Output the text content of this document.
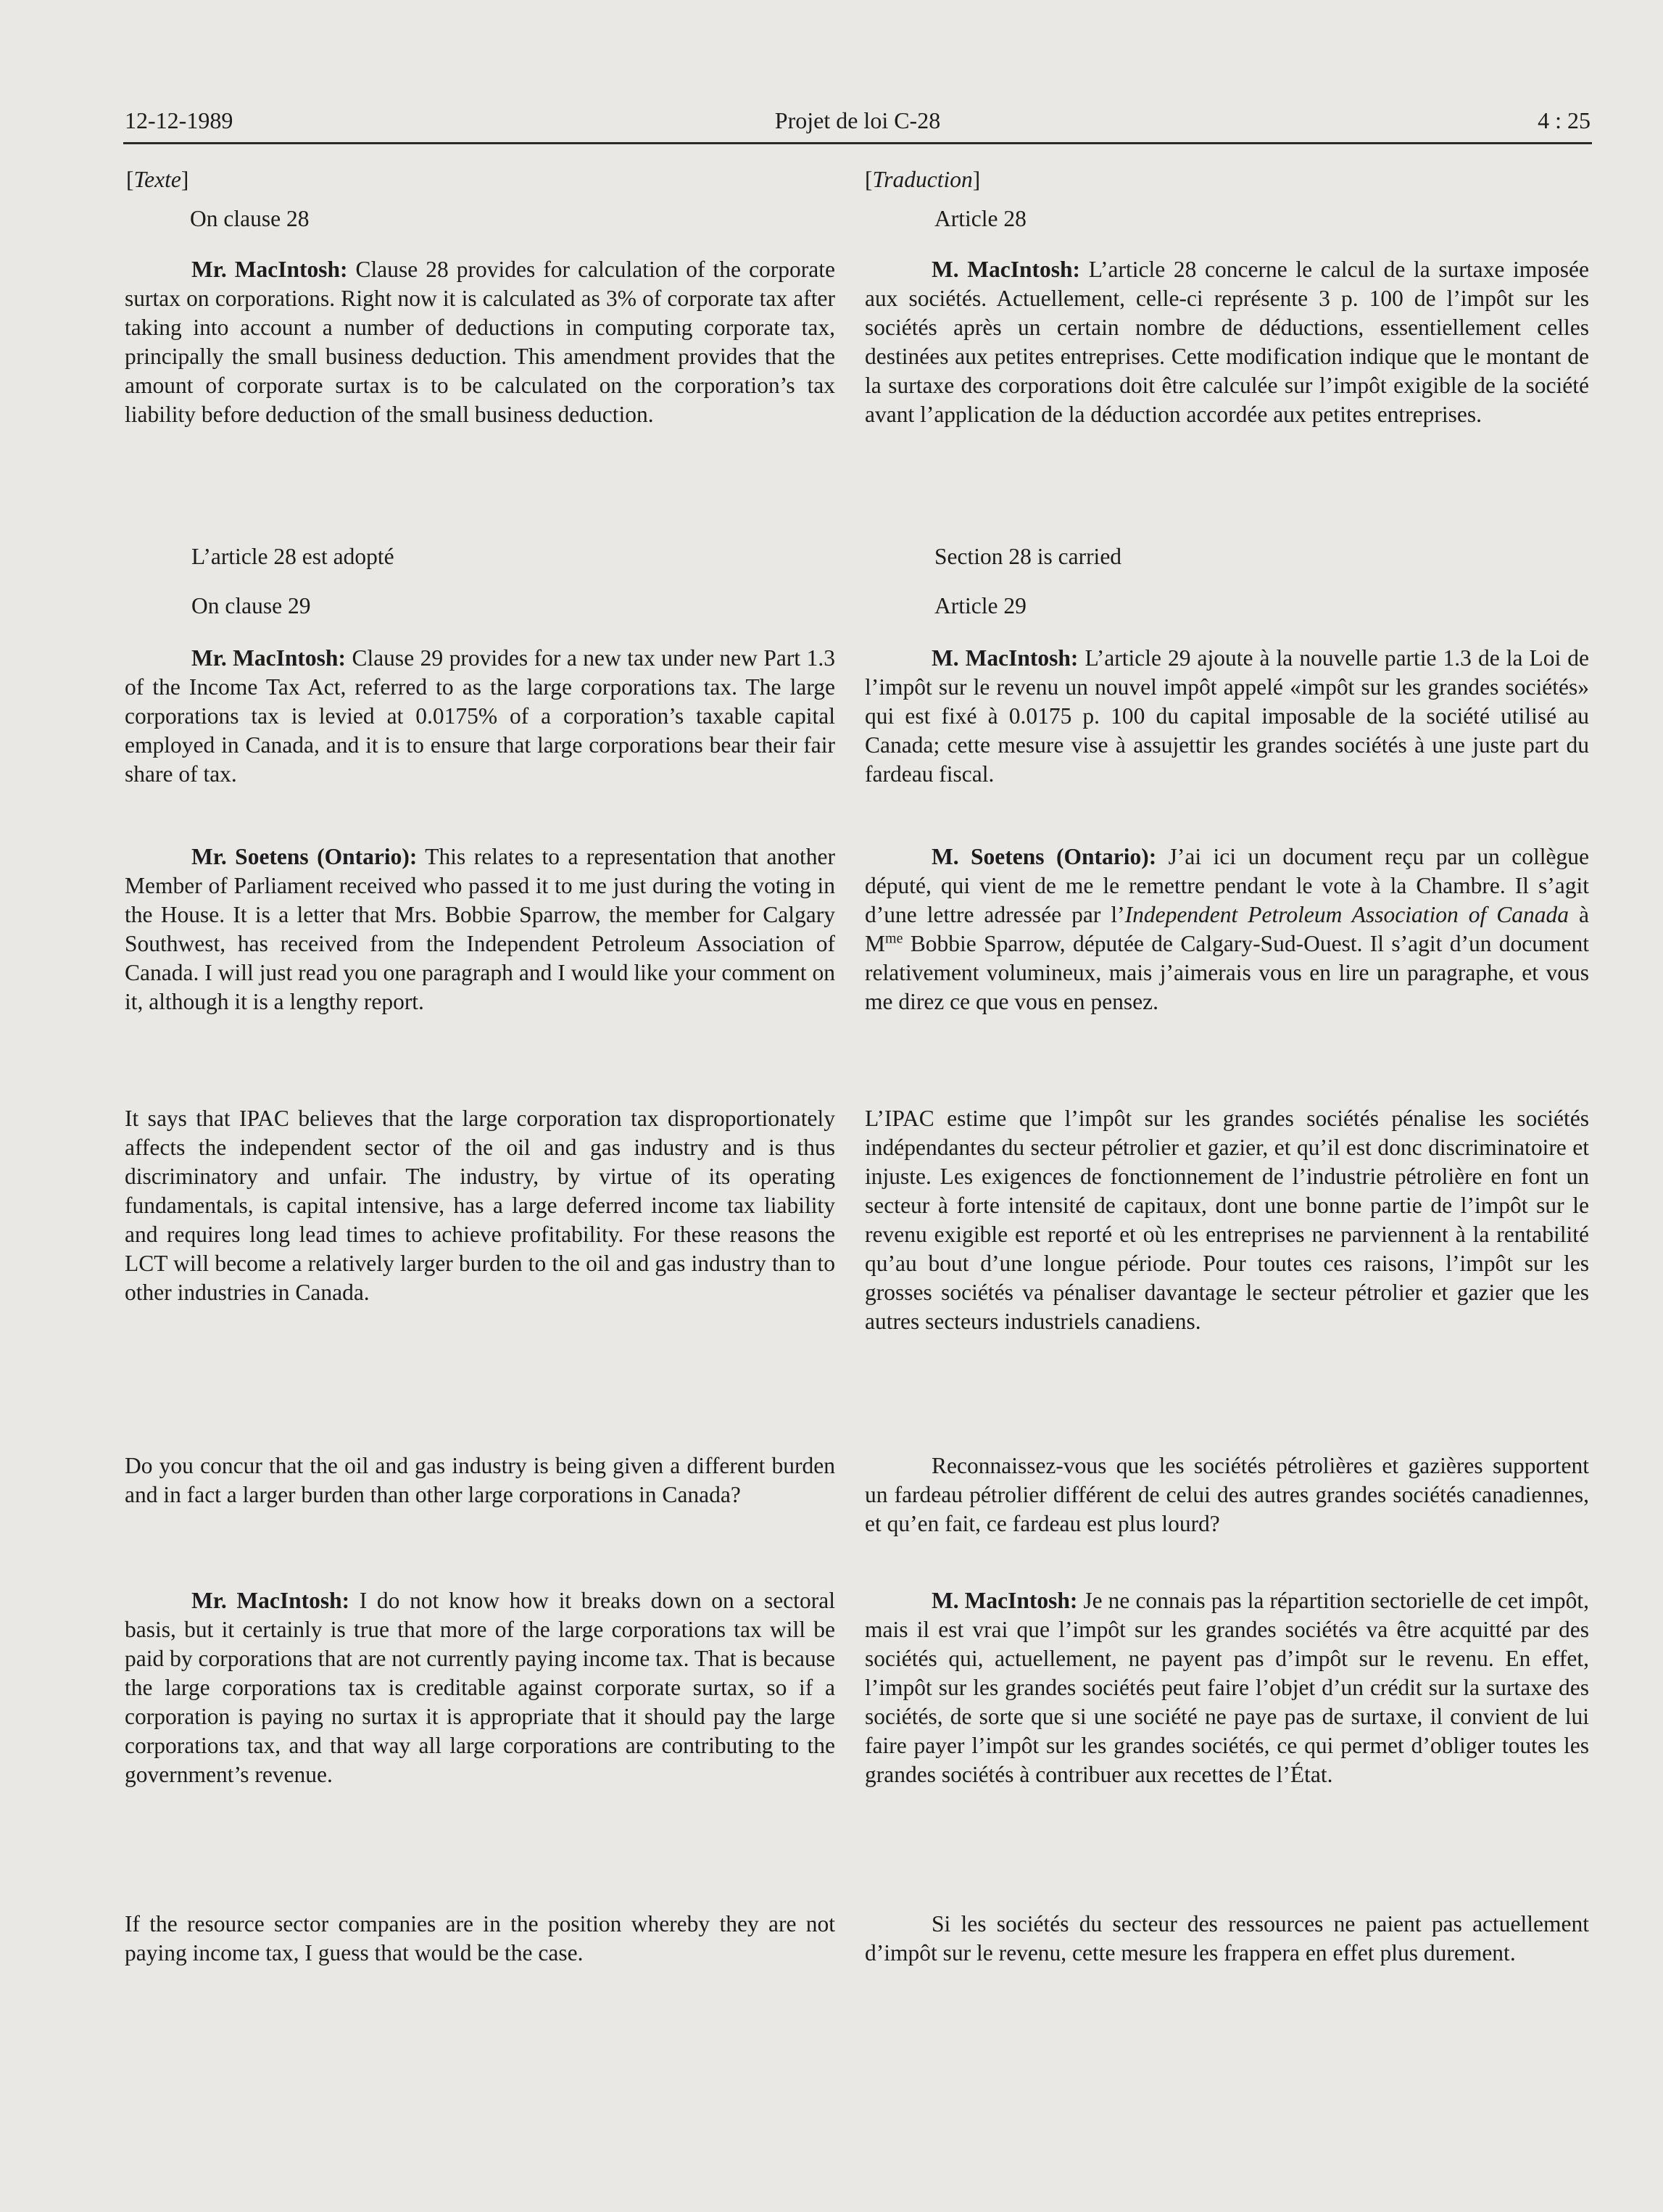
12-12-1989	Projet de loi C-28	4 : 25
[Texte]
On clause 28

Mr. MacIntosh: Clause 28 provides for calculation of the corporate surtax on corporations. Right now it is calculated as 3% of corporate tax after taking into account a number of deductions in computing corporate tax, principally the small business deduction. This amendment provides that the amount of corporate surtax is to be calculated on the corporation’s tax liability before deduction of the small business deduction.

L’article 28 est adopté
On clause 29

Mr. MacIntosh: Clause 29 provides for a new tax under new Part 1.3 of the Income Tax Act, referred to as the large corporations tax. The large corporations tax is levied at 0.0175% of a corporation’s taxable capital employed in Canada, and it is to ensure that large corporations bear their fair share of tax.

Mr. Soetens (Ontario): This relates to a representation that another Member of Parliament received who passed it to me just during the voting in the House. It is a letter that Mrs. Bobbie Sparrow, the member for Calgary Southwest, has received from the Independent Petroleum Association of Canada. I will just read you one paragraph and I would like your comment on it, although it is a lengthy report.

It says that IPAC believes that the large corporation tax disproportionately affects the independent sector of the oil and gas industry and is thus discriminatory and unfair. The industry, by virtue of its operating fundamentals, is capital intensive, has a large deferred income tax liability and requires long lead times to achieve profitability. For these reasons the LCT will become a relatively larger burden to the oil and gas industry than to other industries in Canada.

Do you concur that the oil and gas industry is being given a different burden and in fact a larger burden than other large corporations in Canada?

Mr. MacIntosh: I do not know how it breaks down on a sectoral basis, but it certainly is true that more of the large corporations tax will be paid by corporations that are not currently paying income tax. That is because the large corporations tax is creditable against corporate surtax, so if a corporation is paying no surtax it is appropriate that it should pay the large corporations tax, and that way all large corporations are contributing to the government’s revenue.

If the resource sector companies are in the position whereby they are not paying income tax, I guess that would be the case.

[Traduction]
Article 28

M. MacIntosh: L’article 28 concerne le calcul de la surtaxe imposée aux sociétés. Actuellement, celle-ci représente 3 p. 100 de l’impôt sur les sociétés après un certain nombre de déductions, essentiellement celles destinées aux petites entreprises. Cette modification indique que le montant de la surtaxe des corporations doit être calculée sur l’impôt exigible de la société avant l’application de la déduction accordée aux petites entreprises.

Section 28 is carried
Article 29

M. MacIntosh: L’article 29 ajoute à la nouvelle partie 1.3 de la Loi de l’impôt sur le revenu un nouvel impôt appelé «impôt sur les grandes sociétés» qui est fixé à 0.0175 p. 100 du capital imposable de la société utilisé au Canada; cette mesure vise à assujettir les grandes sociétés à une juste part du fardeau fiscal.

M. Soetens (Ontario): J’ai ici un document reçu par un collègue député, qui vient de me le remettre pendant le vote à la Chambre. Il s’agit d’une lettre adressée par l’Independent Petroleum Association of Canada à $M^{me}$ Bobbie Sparrow, députée de Calgary-Sud-Ouest. Il s’agit d’un document relativement volumineux, mais j’aimerais vous en lire un paragraphe, et vous me direz ce que vous en pensez.

L’IPAC estime que l’impôt sur les grandes sociétés pénalise les sociétés indépendantes du secteur pétrolier et gazier, et qu’il est donc discriminatoire et injuste. Les exigences de fonctionnement de l’industrie pétrolière en font un secteur à forte intensité de capitaux, dont une bonne partie de l’impôt sur le revenu exigible est reporté et où les entreprises ne parviennent à la rentabilité qu’au bout d’une longue période. Pour toutes ces raisons, l’impôt sur les grosses sociétés va pénaliser davantage le secteur pétrolier et gazier que les autres secteurs industriels canadiens.

Reconnaissez-vous que les sociétés pétrolières et gazières supportent un fardeau pétrolier différent de celui des autres grandes sociétés canadiennes, et qu’en fait, ce fardeau est plus lourd?

M. MacIntosh: Je ne connais pas la répartition sectorielle de cet impôt, mais il est vrai que l’impôt sur les grandes sociétés va être acquitté par des sociétés qui, actuellement, ne payent pas d’impôt sur le revenu. En effet, l’impôt sur les grandes sociétés peut faire l’objet d’un crédit sur la surtaxe des sociétés, de sorte que si une société ne paye pas de surtaxe, il convient de lui faire payer l’impôt sur les grandes sociétés, ce qui permet d’obliger toutes les grandes sociétés à contribuer aux recettes de l’État.

Si les sociétés du secteur des ressources ne paient pas actuellement d’impôt sur le revenu, cette mesure les frappera en effet plus durement.
